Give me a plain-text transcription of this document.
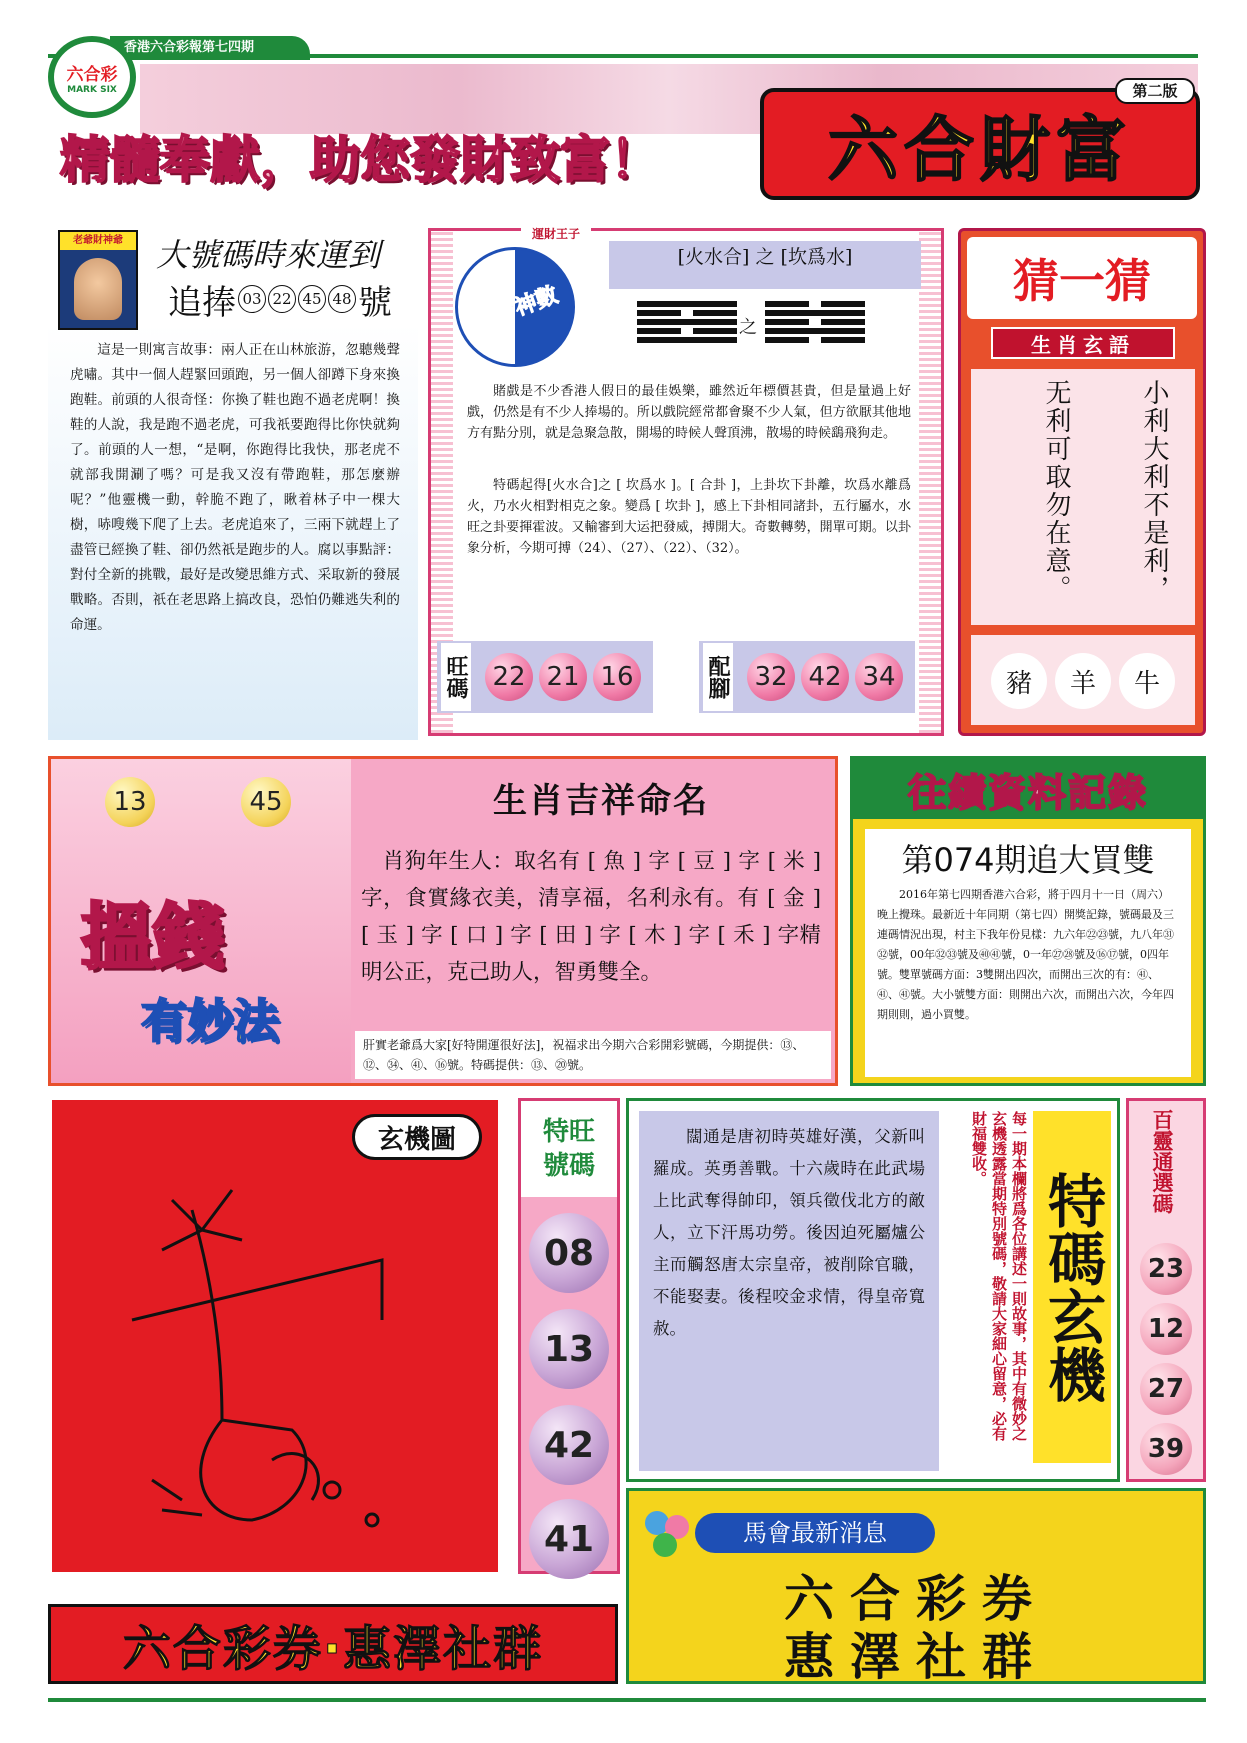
香港六合彩報第七四期
六合彩
MARK SIX
精髓奉獻，助您發財致富！	六合財富
第二版
老爺財神爺	大號碼時來運到
追捧 03 22 45 48 號

這是一則寓言故事：兩人正在山林旅游，忽聽幾聲虎嘯。其中一個人趕緊回頭跑，另一個人卻蹲下身來換跑鞋。前頭的人很奇怪：你換了鞋也跑不過老虎啊！換鞋的人說，我是跑不過老虎，可我祇要跑得比你快就夠了。前頭的人一想，“是啊，你跑得比我快，那老虎不就部我開涮了嗎？可是我又沒有帶跑鞋，那怎麼辦呢？”他靈機一動，幹脆不跑了，瞅着林子中一棵大樹，哧嗖幾下爬了上去。老虎追來了，三兩下就趕上了盡管已經換了鞋、卻仍然祇是跑步的人。腐以事點評：對付全新的挑戰，最好是改變思維方式、采取新的發展戰略。否則，祇在老思路上搞改良，恐怕仍難逃失利的命運。

運財王子
六合神數
[火水合] 之 [坎爲水]
之

賭戲是不少香港人假日的最佳娛樂，雖然近年標價甚貴，但是量過上好戲，仍然是有不少人捧場的。所以戲院經常都會聚不少人氣，但方欲厭其他地方有點分別，就是急聚急散，開場的時候人聲頂沸，散場的時候鷂飛狗走。

特碼起得[火水合]之 [ 坎爲水 ]。[ 合卦 ]，上卦坎下卦離，坎爲水離爲火，乃水火相對相克之象。變爲 [ 坎卦 ]，感上下卦相同諸卦，五行屬水，水旺之卦要揮霍波。又輸審到大运把發威，搏開大。奇數轉勢，開單可期。以卦象分析，今期可搏（24）、（27）、（22）、（32）。

旺碼 22 21 16	配腳 32 42 34
猜一猜
生肖玄語
小利大利不是利，
无利可取勿在意。
豬	羊	牛
13	45
搵錢
有妙法
生肖吉祥命名

肖狗年生人：取名有 [ 魚 ] 字 [ 豆 ] 字 [ 米 ] 字，食實緣衣美，清享福，名利永有。有 [ 金 ] [ 玉 ] 字 [ 口 ] 字 [ 田 ] 字 [ 木 ] 字 [ 禾 ] 字精明公正，克己助人，智勇雙全。

肝實老爺爲大家[好特開運很好法]，祝福求出今期六合彩開彩號碼，今期提供：⑬、⑫、㉞、㊶、⑯號。特碼提供：⑬、⑳號。
往績資料記錄
第074期追大買雙

2016年第七四期香港六合彩，將于四月十一日（周六）晚上攪珠。最新近十年同期（第七四）開獎記錄，號碼最及三連碼情況出現，村主下我年份見樣：九六年㉒㉓號，九八年㉛㉜號，00年㉜㉝號及㊵㊶號，0一年㉗㉘號及⑯⑰號，0四年號。雙單號碼方面：3雙開出四次，而開出三次的有：㊶、㊶、㊶號。大小號雙方面：則開出六次，而開出六次，今年四期則則，過小買雙。

玄機圖	特旺號碼
08
13
42
41

闊通是唐初時英雄好漢，父新叫羅成。英勇善戰。十六歲時在此武場上比武奪得帥印，領兵徵伐北方的敵人，立下汗馬功勞。後因迫死屬爐公主而觸怒唐太宗皇帝，被削除官職，不能娶妻。後程咬金求情，得皇帝寬赦。	每一期本欄將爲各位講述一則故事，其中有微妙之玄機透露當期特別號碼，敬請大家細心留意，必有財福雙收。
特碼玄機
百靈通選碼
23
12
27
39
六合彩券·惠澤社群
馬會最新消息
六合彩券
惠澤社群
